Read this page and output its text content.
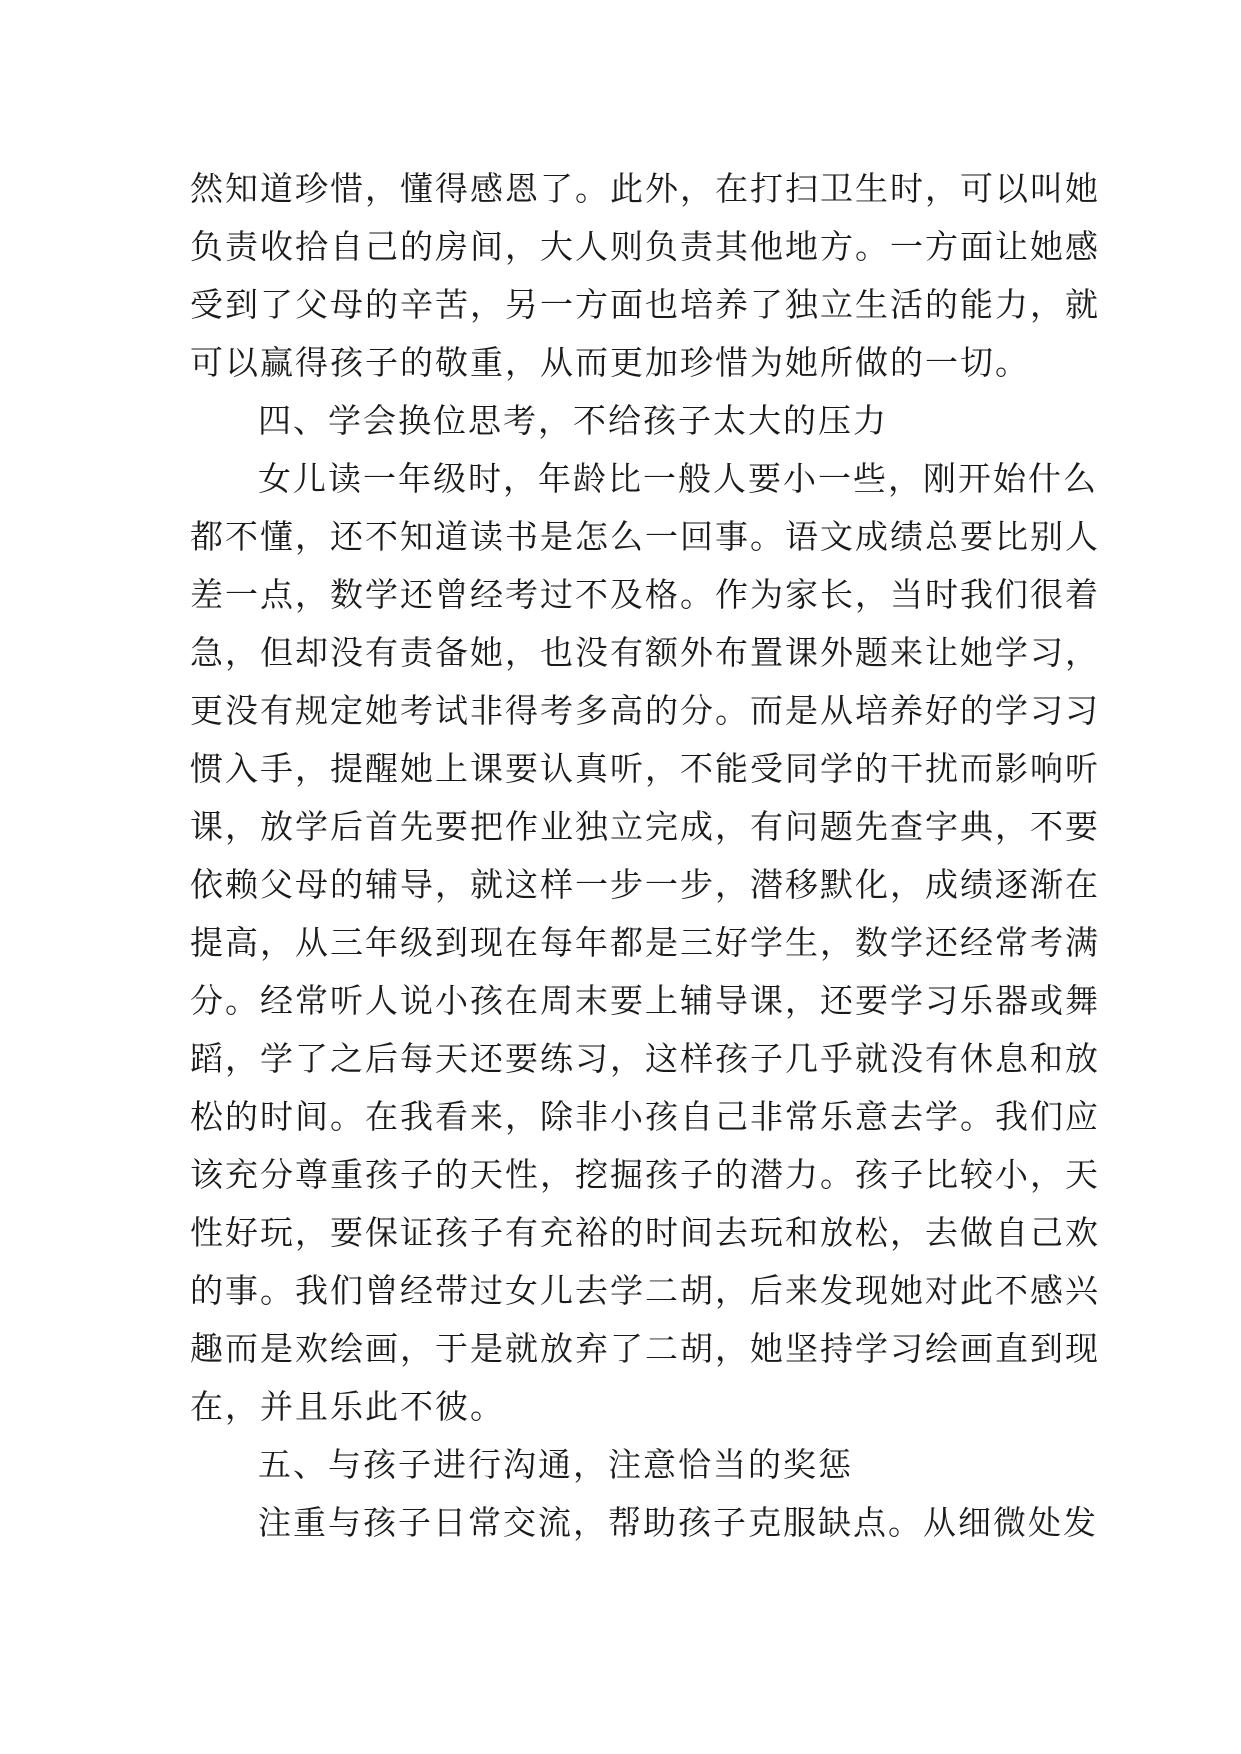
然知道珍惜，懂得感恩了。此外，在打扫卫生时，可以叫她
负责收拾自己的房间，大人则负责其他地方。一方面让她感
受到了父母的辛苦，另一方面也培养了独立生活的能力，就
可以赢得孩子的敬重，从而更加珍惜为她所做的一切。
四、学会换位思考，不给孩子太大的压力
女儿读一年级时，年龄比一般人要小一些，刚开始什么
都不懂，还不知道读书是怎么一回事。语文成绩总要比别人
差一点，数学还曾经考过不及格。作为家长，当时我们很着
急，但却没有责备她，也没有额外布置课外题来让她学习，
更没有规定她考试非得考多高的分。而是从培养好的学习习
惯入手，提醒她上课要认真听，不能受同学的干扰而影响听
课，放学后首先要把作业独立完成，有问题先查字典，不要
依赖父母的辅导，就这样一步一步，潜移默化，成绩逐渐在
提高，从三年级到现在每年都是三好学生，数学还经常考满
分。经常听人说小孩在周末要上辅导课，还要学习乐器或舞
蹈，学了之后每天还要练习，这样孩子几乎就没有休息和放
松的时间。在我看来，除非小孩自己非常乐意去学。我们应
该充分尊重孩子的天性，挖掘孩子的潜力。孩子比较小，天
性好玩，要保证孩子有充裕的时间去玩和放松，去做自己欢
的事。我们曾经带过女儿去学二胡，后来发现她对此不感兴
趣而是欢绘画，于是就放弃了二胡，她坚持学习绘画直到现
在，并且乐此不彼。
五、与孩子进行沟通，注意恰当的奖惩
注重与孩子日常交流，帮助孩子克服缺点。从细微处发
